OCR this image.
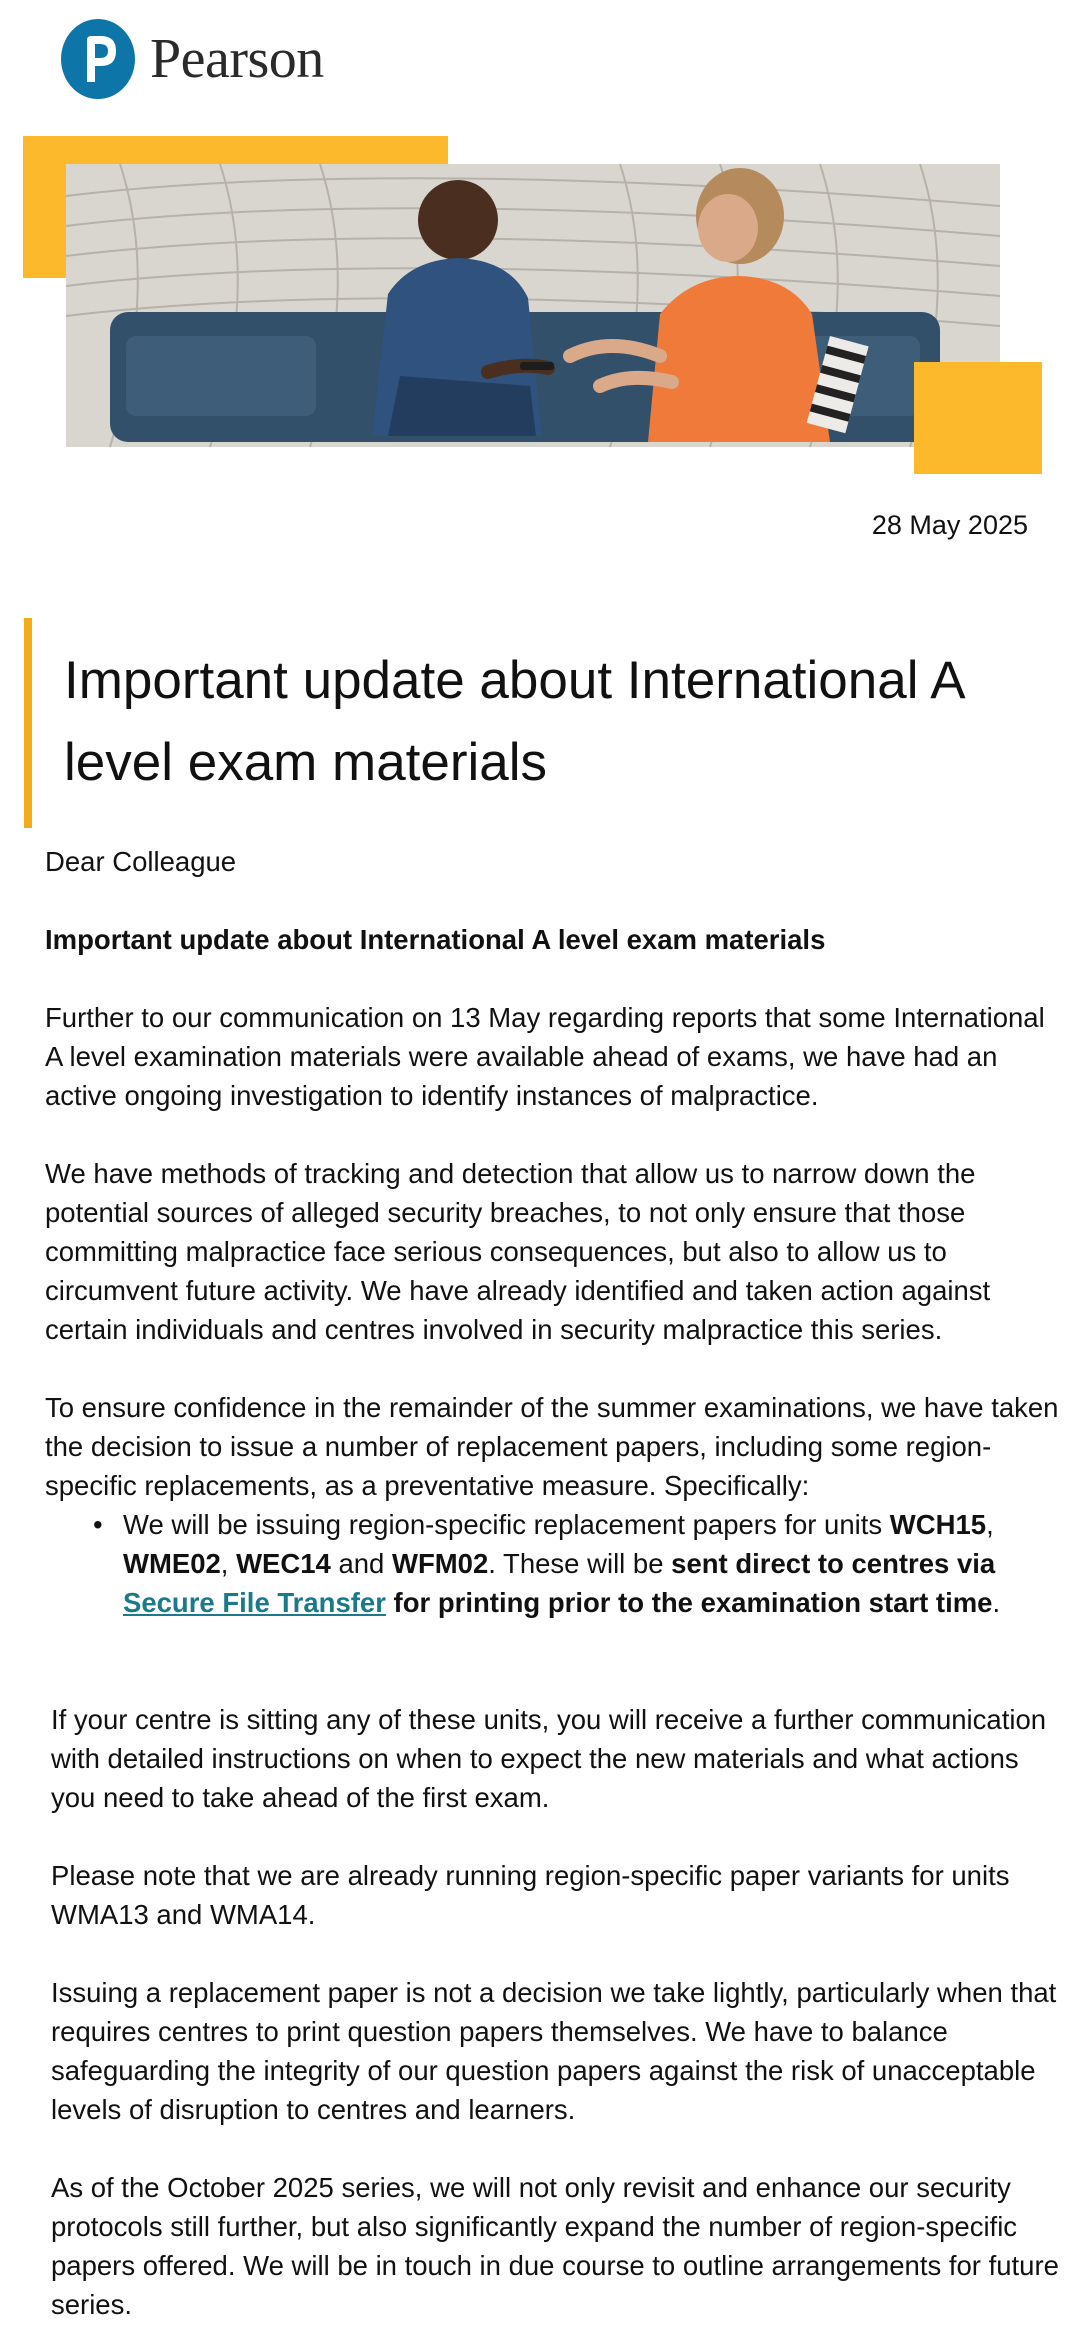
Pearson
28 May 2025
Important update about International A level exam materials

Dear Colleague

Important update about International A level exam materials

Further to our communication on 13 May regarding reports that some International A level examination materials were available ahead of exams, we have had an active ongoing investigation to identify instances of malpractice.

We have methods of tracking and detection that allow us to narrow down the potential sources of alleged security breaches, to not only ensure that those committing malpractice face serious consequences, but also to allow us to circumvent future activity. We have already identified and taken action against certain individuals and centres involved in security malpractice this series.

To ensure confidence in the remainder of the summer examinations, we have taken the decision to issue a number of replacement papers, including some region-specific replacements, as a preventative measure. Specifically:

• We will be issuing region-specific replacement papers for units WCH15, WME02, WEC14 and WFM02. These will be sent direct to centres via Secure File Transfer for printing prior to the examination start time.

If your centre is sitting any of these units, you will receive a further communication with detailed instructions on when to expect the new materials and what actions you need to take ahead of the first exam.

Please note that we are already running region-specific paper variants for units WMA13 and WMA14.

Issuing a replacement paper is not a decision we take lightly, particularly when that requires centres to print question papers themselves. We have to balance safeguarding the integrity of our question papers against the risk of unacceptable levels of disruption to centres and learners.

As of the October 2025 series, we will not only revisit and enhance our security protocols still further, but also significantly expand the number of region-specific papers offered. We will be in touch in due course to outline arrangements for future series.
